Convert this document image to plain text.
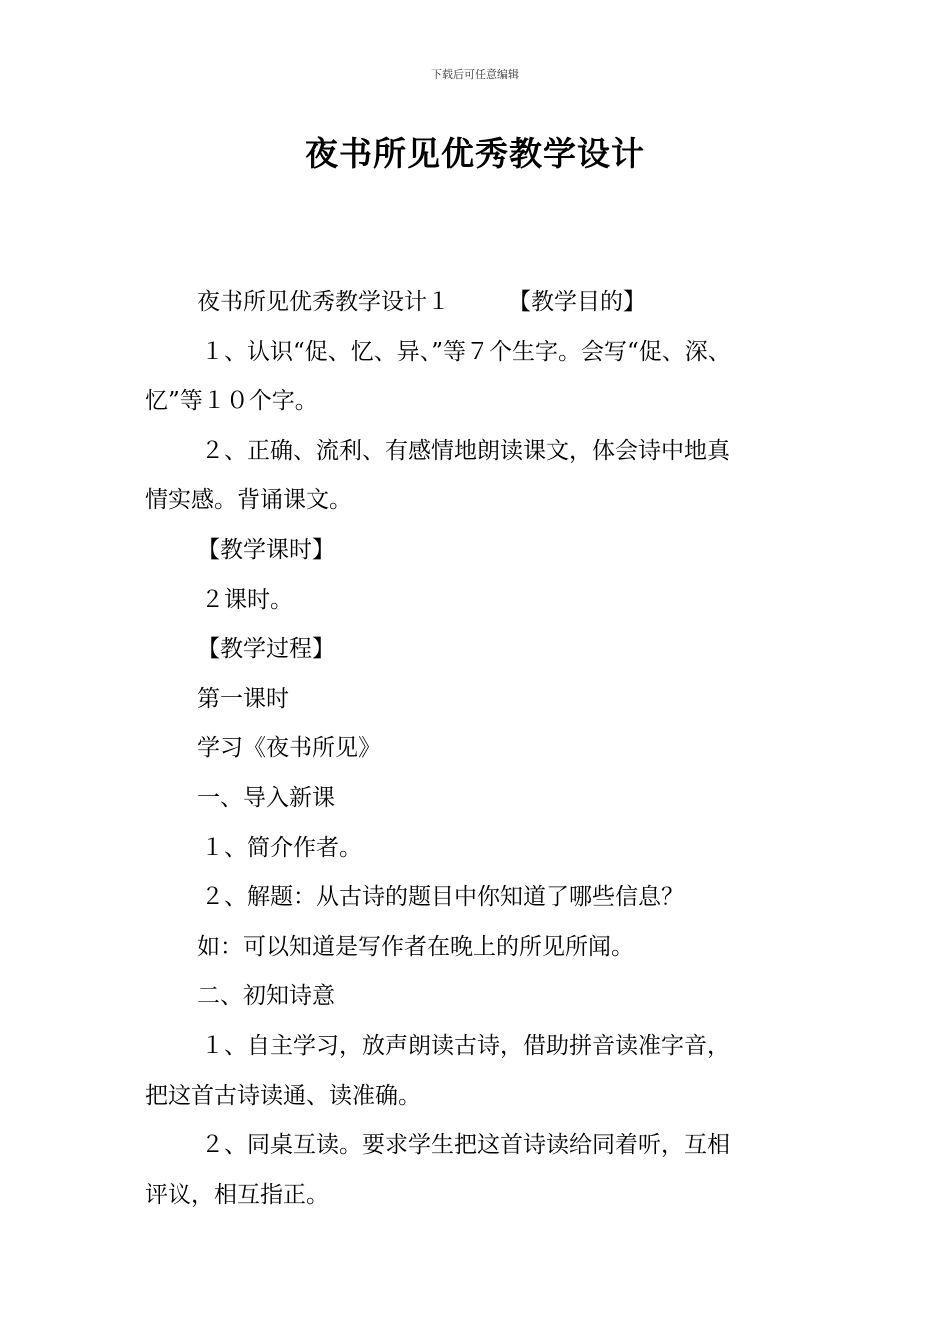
下载后可任意编辑
夜书所见优秀教学设计

夜书所见优秀教学设计１	【教学目的】

１、认识“促、忆、异、”等７个生字。会写“促、深、

忆”等１０个字。

２、正确、流利、有感情地朗读课文，体会诗中地真

情实感。背诵课文。

【教学课时】

２课时。

【教学过程】

第一课时

学习《夜书所见》

一、导入新课

１、简介作者。

２、解题：从古诗的题目中你知道了哪些信息？

如：可以知道是写作者在晚上的所见所闻。

二、初知诗意

１、自主学习，放声朗读古诗，借助拼音读准字音，

把这首古诗读通、读准确。

２、同桌互读。要求学生把这首诗读给同着听，互相

评议，相互指正。
